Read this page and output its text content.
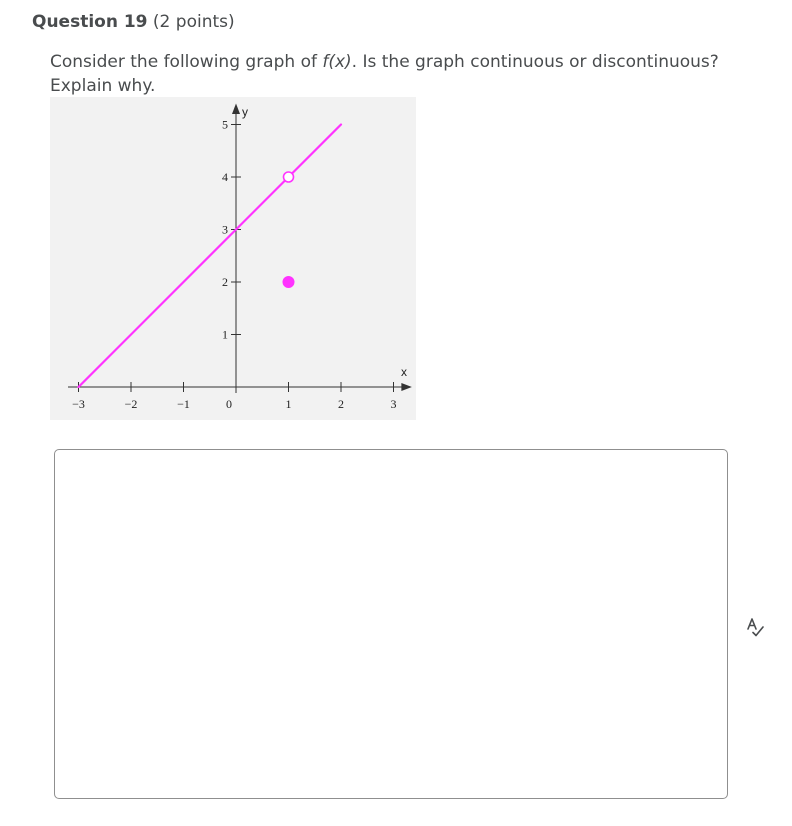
Question 19 (2 points)
Consider the following graph of f(x). Is the graph continuous or discontinuous? Explain why.
−3	−2	−1	0	1	2	3
1
2
3
4
5
x
y
